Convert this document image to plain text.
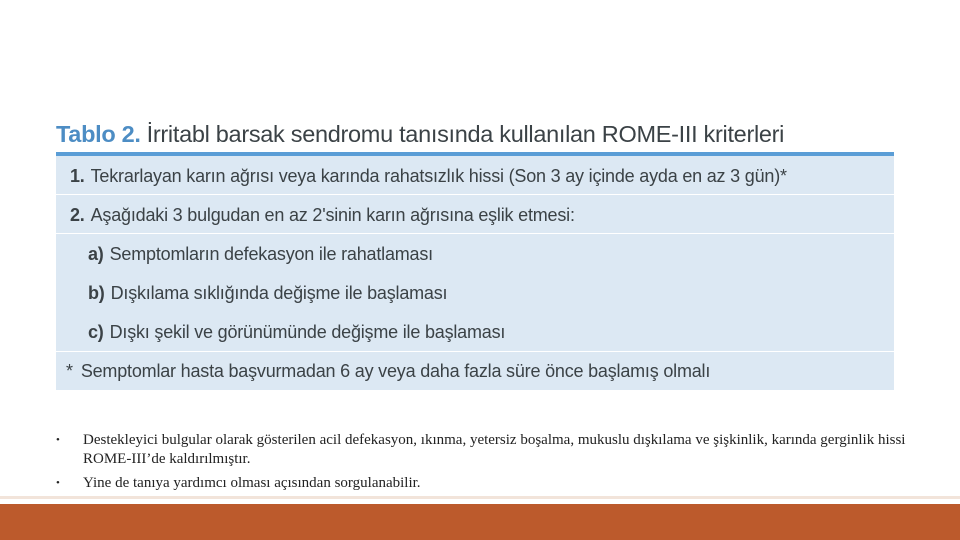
Tablo 2. İrritabl barsak sendromu tanısında kullanılan ROME-III kriterleri
1. Tekrarlayan karın ağrısı veya karında rahatsızlık hissi (Son 3 ay içinde ayda en az 3 gün)*
2. Aşağıdaki 3 bulgudan en az 2'sinin karın ağrısına eşlik etmesi:
a) Semptomların defekasyon ile rahatlaması
b) Dışkılama sıklığında değişme ile başlaması
c) Dışkı şekil ve görünümünde değişme ile başlaması
* Semptomlar hasta başvurmadan 6 ay veya daha fazla süre önce başlamış olmalı
• Destekleyici bulgular olarak gösterilen acil defekasyon, ıkınma, yetersiz boşalma, mukuslu dışkılama ve şişkinlik, karında gerginlik hissi ROME-III’de kaldırılmıştır.
• Yine de tanıya yardımcı olması açısından sorgulanabilir.
